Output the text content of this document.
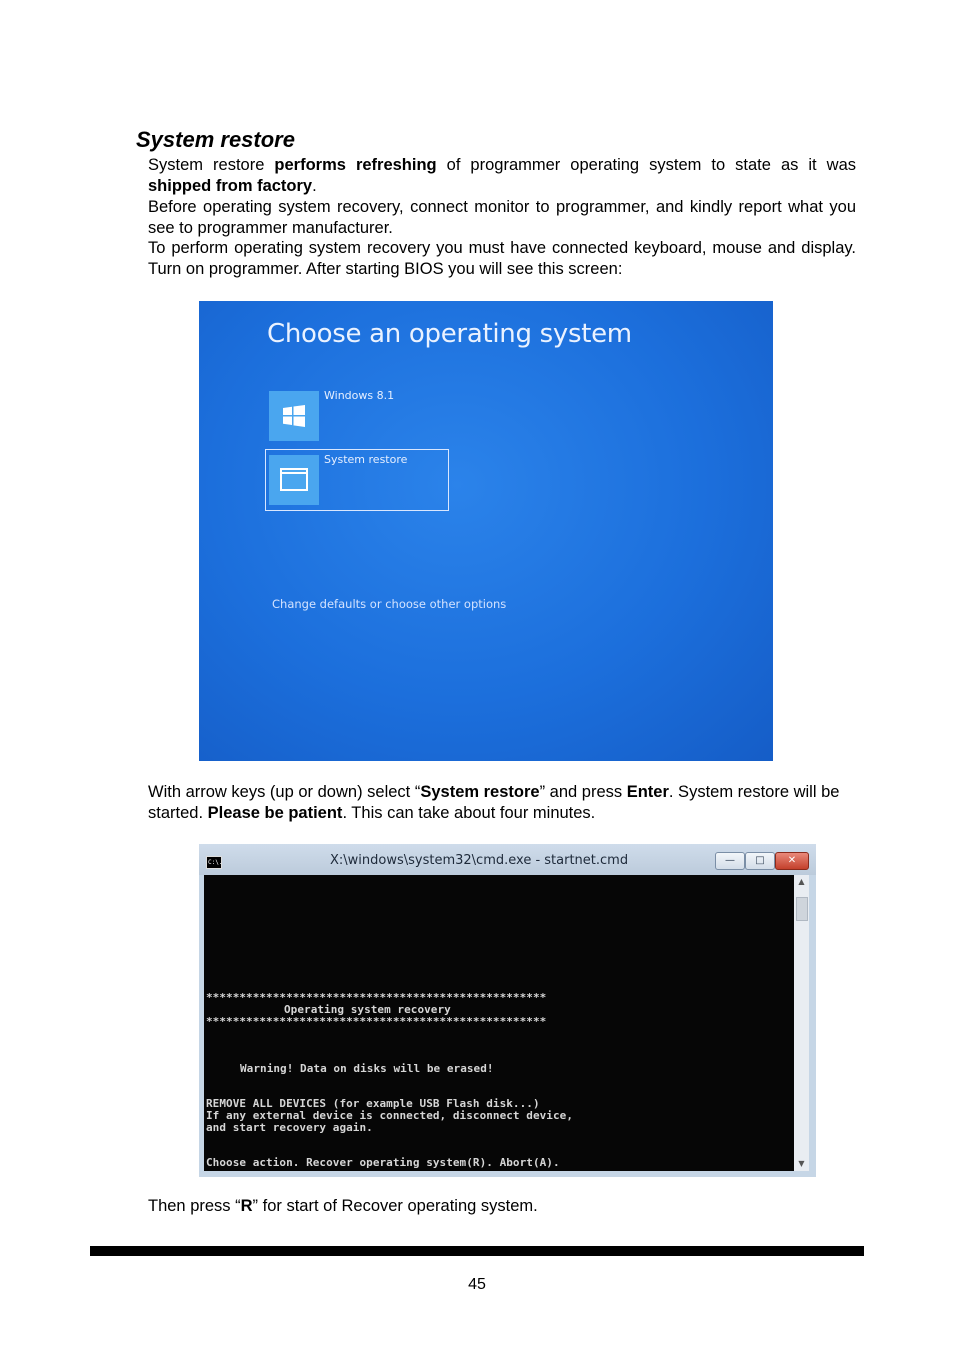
System restore
System restore performs refreshing of programmer operating system to state as it was shipped from factory.
Before operating system recovery, connect monitor to programmer, and kindly report what you see to programmer manufacturer.
To perform operating system recovery you must have connected keyboard, mouse and display. Turn on programmer. After starting BIOS you will see this screen:
Choose an operating system
Windows 8.1
System restore
Change defaults or choose other options
With arrow keys (up or down) select “System restore” and press Enter. System restore will be started. Please be patient. This can take about four minutes.
C:\.	X:\windows\system32\cmd.exe - startnet.cmd	—	□	✕
***************************************************
Operating system recovery
***************************************************
Warning! Data on disks will be erased!
REMOVE ALL DEVICES (for example USB Flash disk...)
If any external device is connected, disconnect device,
and start recovery again.
Choose action. Recover operating system(R). Abort(A).
▲
▼
Then press “R” for start of Recover operating system.
45
